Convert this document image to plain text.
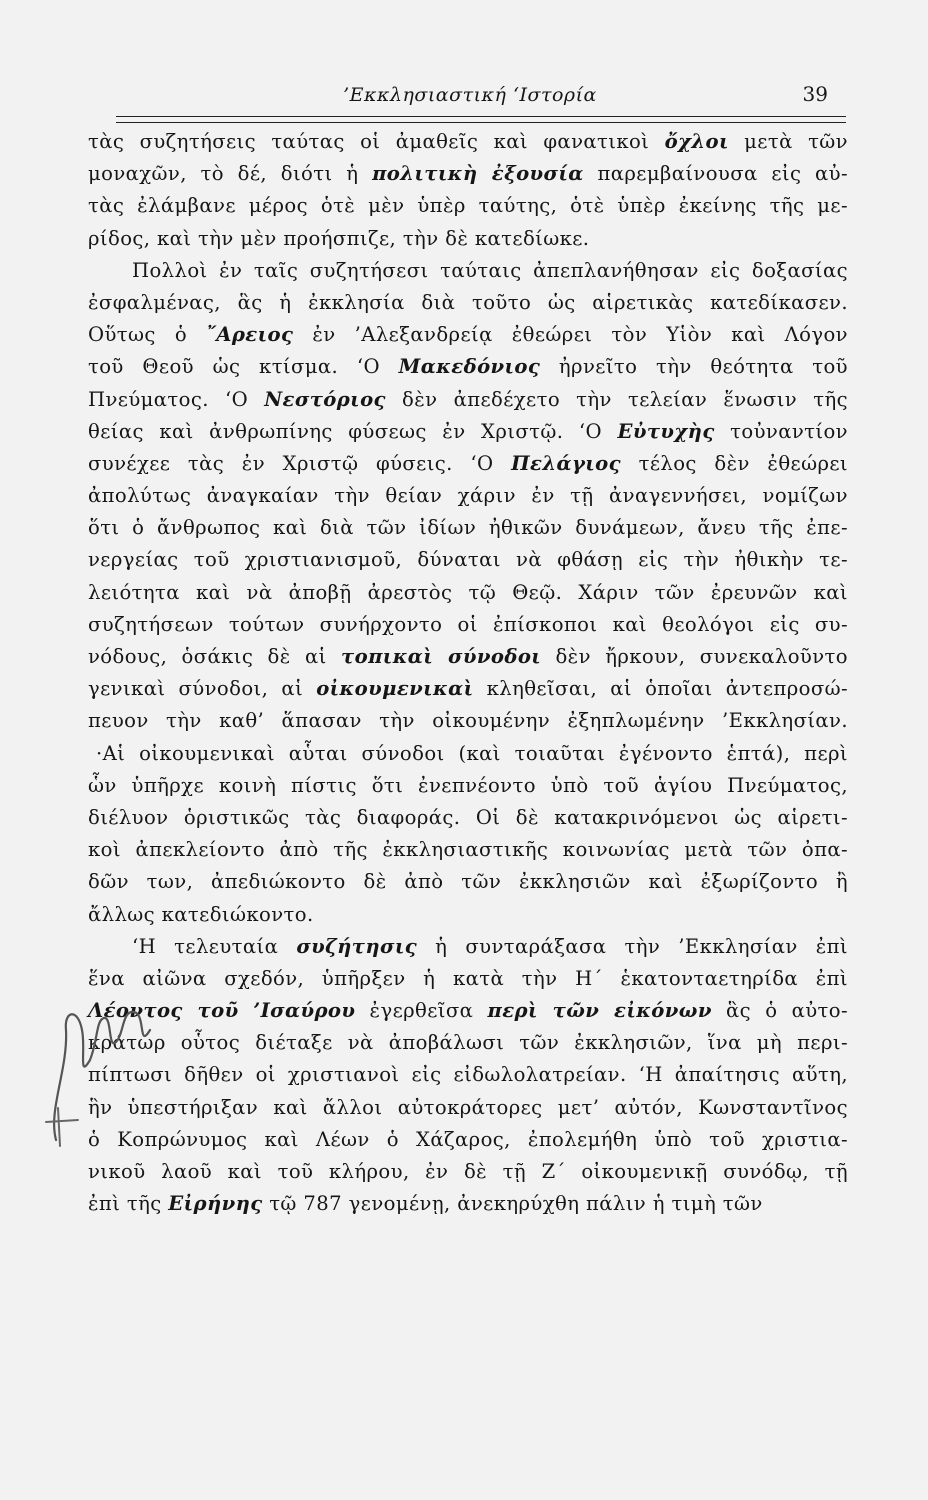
’Εκκλησιαστική ‘Ιστορία	39
τὰς συζητήσεις ταύτας οἱ ἀμαθεῖς καὶ φανατικοὶ ὄχλοι μετὰ τῶν
μοναχῶν, τὸ δέ, διότι ἡ πολιτικὴ ἐξουσία παρεμβαίνουσα εἰς αὐ-
τὰς ἐλάμβανε μέρος ὁτὲ μὲν ὑπὲρ ταύτης, ὁτὲ ὑπὲρ ἐκείνης τῆς με-
ρίδος, καὶ τὴν μὲν προήσπιζε, τὴν δὲ κατεδίωκε.
Πολλοὶ ἐν ταῖς συζητήσεσι ταύταις ἀπεπλανήθησαν εἰς δοξασίας
ἐσφαλμένας, ἃς ἡ ἐκκλησία διὰ τοῦτο ὡς αἱρετικὰς κατεδίκασεν.
Οὕτως ὁ ῎Αρειος ἐν ’Αλεξανδρείᾳ ἐθεώρει τὸν Υἱὸν καὶ Λόγον
τοῦ Θεοῦ ὡς κτίσμα. ‘Ο Μακεδόνιος ἠρνεῖτο τὴν θεότητα τοῦ
Πνεύματος. ‘Ο Νεστόριος δὲν ἀπεδέχετο τὴν τελείαν ἕνωσιν τῆς
θείας καὶ ἀνθρωπίνης φύσεως ἐν Χριστῷ. ‘Ο Εὐτυχὴς τοὐναντίον
συνέχεε τὰς ἐν Χριστῷ φύσεις. ‘Ο Πελάγιος τέλος δὲν ἐθεώρει
ἀπολύτως ἀναγκαίαν τὴν θείαν χάριν ἐν τῇ ἀναγεννήσει, νομίζων
ὅτι ὁ ἄνθρωπος καὶ διὰ τῶν ἰδίων ἠθικῶν δυνάμεων, ἄνευ τῆς ἐπε-
νεργείας τοῦ χριστιανισμοῦ, δύναται νὰ φθάσῃ εἰς τὴν ἠθικὴν τε-
λειότητα καὶ νὰ ἀποβῇ ἀρεστὸς τῷ Θεῷ. Χάριν τῶν ἐρευνῶν καὶ
συζητήσεων τούτων συνήρχοντο οἱ ἐπίσκοποι καὶ θεολόγοι εἰς συ-
νόδους, ὁσάκις δὲ αἱ τοπικαὶ σύνοδοι δὲν ἤρκουν, συνεκαλοῦντο
γενικαὶ σύνοδοι, αἱ οἰκουμενικαὶ κληθεῖσαι, αἱ ὁποῖαι ἀντεπροσώ-
πευον τὴν καθ’ ἅπασαν τὴν οἰκουμένην ἐξηπλωμένην ’Εκκλησίαν.
·Αἱ οἰκουμενικαὶ αὗται σύνοδοι (καὶ τοιαῦται ἐγένοντο ἑπτά), περὶ
ὧν ὑπῆρχε κοινὴ πίστις ὅτι ἐνεπνέοντο ὑπὸ τοῦ ἁγίου Πνεύματος,
διέλυον ὁριστικῶς τὰς διαφοράς. Οἱ δὲ κατακρινόμενοι ὡς αἱρετι-
κοὶ ἀπεκλείοντο ἀπὸ τῆς ἐκκλησιαστικῆς κοινωνίας μετὰ τῶν ὀπα-
δῶν των, ἀπεδιώκοντο δὲ ἀπὸ τῶν ἐκκλησιῶν καὶ ἐξωρίζοντο ἢ
ἄλλως κατεδιώκοντο.
‘Η τελευταία συζήτησις ἡ συνταράξασα τὴν ’Εκκλησίαν ἐπὶ
ἕνα αἰῶνα σχεδόν, ὑπῆρξεν ἡ κατὰ τὴν Η΄ ἑκατονταετηρίδα ἐπὶ
Λέοντος τοῦ ’Ισαύρου ἐγερθεῖσα περὶ τῶν εἰκόνων ἃς ὁ αὐτο-
κράτωρ οὗτος διέταξε νὰ ἀποβάλωσι τῶν ἐκκλησιῶν, ἵνα μὴ περι-
πίπτωσι δῆθεν οἱ χριστιανοὶ εἰς εἰδωλολατρείαν. ‘Η ἀπαίτησις αὕτη,
ἣν ὑπεστήριξαν καὶ ἄλλοι αὐτοκράτορες μετ’ αὐτόν, Κωνσταντῖνος
ὁ Κοπρώνυμος καὶ Λέων ὁ Χάζαρος, ἐπολεμήθη ὑπὸ τοῦ χριστια-
νικοῦ λαοῦ καὶ τοῦ κλήρου, ἐν δὲ τῇ Ζ΄ οἰκουμενικῇ συνόδῳ, τῇ
ἐπὶ τῆς Εἰρήνης τῷ 787 γενομένῃ, ἀνεκηρύχθη πάλιν ἡ τιμὴ τῶν
